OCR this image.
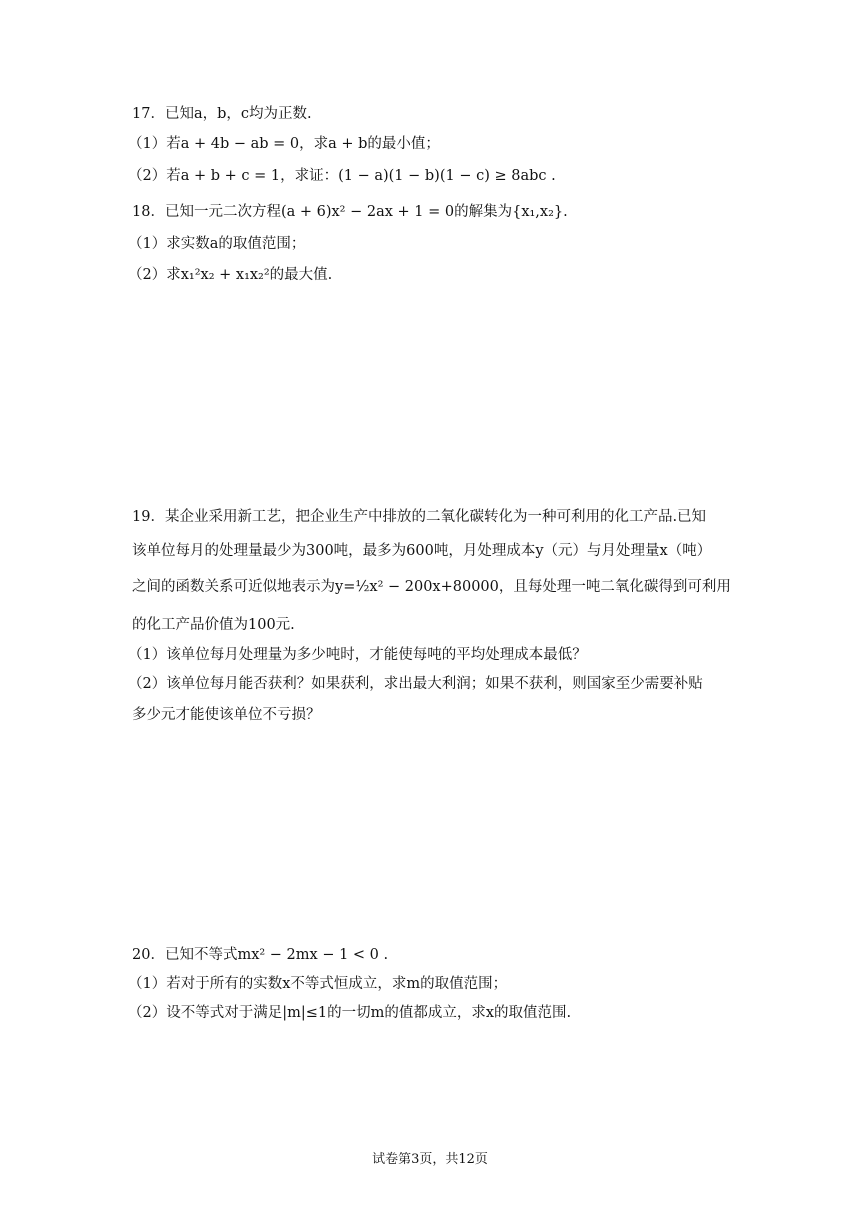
17．已知a，b，c均为正数.
（1）若a + 4b − ab = 0，求a + b的最小值；
（2）若a + b + c = 1，求证：(1 − a)(1 − b)(1 − c) ≥ 8abc .
18．已知一元二次方程(a + 6)x² − 2ax + 1 = 0的解集为{x₁,x₂}.
（1）求实数a的取值范围；
（2）求x₁²x₂ + x₁x₂²的最大值.
19．某企业采用新工艺，把企业生产中排放的二氧化碳转化为一种可利用的化工产品.已知
该单位每月的处理量最少为300吨，最多为600吨，月处理成本y（元）与月处理量x（吨）
之间的函数关系可近似地表示为y=½x² − 200x+80000，且每处理一吨二氧化碳得到可利用
的化工产品价值为100元.
（1）该单位每月处理量为多少吨时，才能使每吨的平均处理成本最低？
（2）该单位每月能否获利？如果获利，求出最大利润；如果不获利，则国家至少需要补贴
多少元才能使该单位不亏损？
20．已知不等式mx² − 2mx − 1 < 0 .
（1）若对于所有的实数x不等式恒成立，求m的取值范围；
（2）设不等式对于满足|m|≤1的一切m的值都成立，求x的取值范围.
试卷第3页，共12页
